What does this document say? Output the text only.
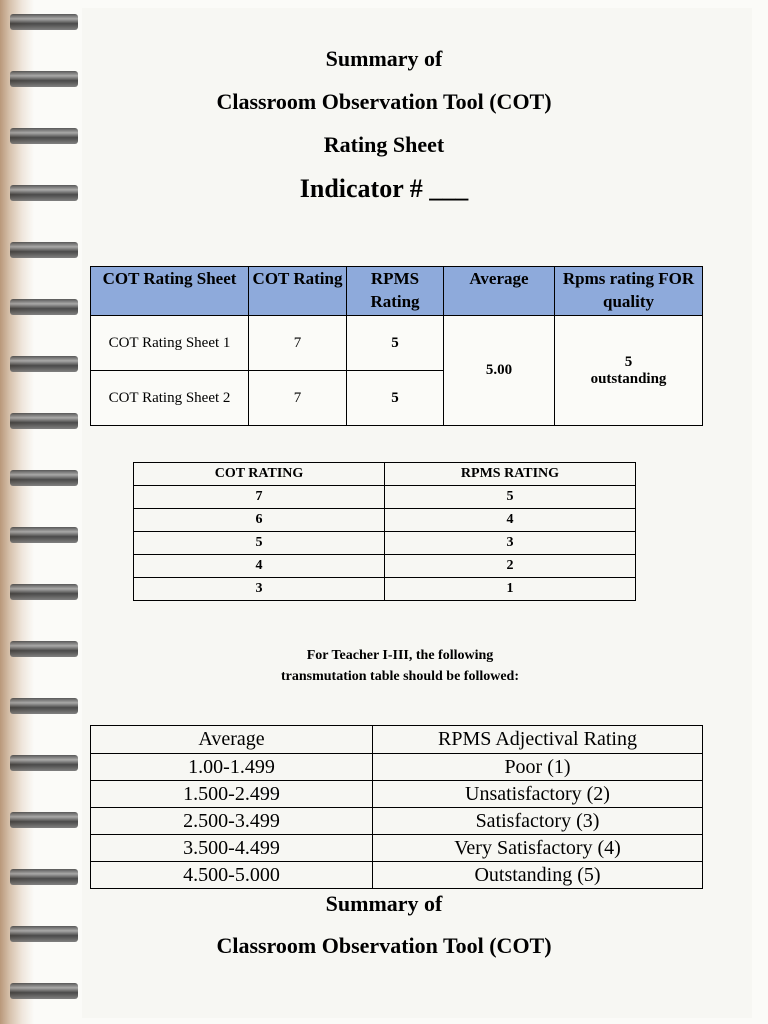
Summary of
Classroom Observation Tool (COT)
Rating Sheet
Indicator # ___
COT Rating Sheet	COT Rating	RPMS Rating	Average	Rpms rating FOR quality
COT Rating Sheet 1	7	5	5.00	5
outstanding

COT Rating Sheet 2	7	5		
COT RATING	RPMS RATING
7	5
6	4
5	3
4	2
3	1
For Teacher I-III, the following
transmutation table should be followed:
Average	RPMS Adjectival Rating
1.00-1.499	Poor (1)
1.500-2.499	Unsatisfactory (2)
2.500-3.499	Satisfactory (3)
3.500-4.499	Very Satisfactory (4)
4.500-5.000	Outstanding (5)
Summary of
Classroom Observation Tool (COT)
